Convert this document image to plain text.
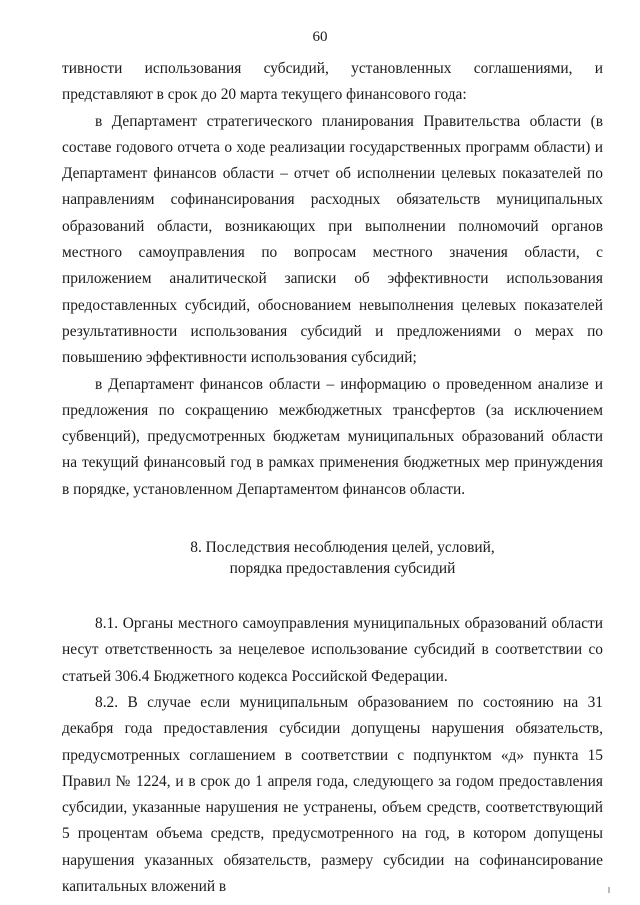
60

тивности использования субсидий, установленных соглашениями, и представляют в срок до 20 марта текущего финансового года:

в Департамент стратегического планирования Правительства области (в составе годового отчета о ходе реализации государственных программ области) и Департамент финансов области – отчет об исполнении целевых показателей по направлениям софинансирования расходных обязательств муниципальных образований области, возникающих при выполнении полномочий органов местного самоуправления по вопросам местного значения области, с приложением аналитической записки об эффективности использования предоставленных субсидий, обоснованием невыполнения целевых показателей результативности использования субсидий и предложениями о мерах по повышению эффективности использования субсидий;

в Департамент финансов области – информацию о проведенном анализе и предложения по сокращению межбюджетных трансфертов (за исключением субвенций), предусмотренных бюджетам муниципальных образований области на текущий финансовый год в рамках применения бюджетных мер принуждения в порядке, установленном Департаментом финансов области.

8. Последствия несоблюдения целей, условий,
порядка предоставления субсидий

8.1. Органы местного самоуправления муниципальных образований области несут ответственность за нецелевое использование субсидий в соответствии со статьей 306.4 Бюджетного кодекса Российской Федерации.

8.2. В случае если муниципальным образованием по состоянию на 31 декабря года предоставления субсидии допущены нарушения обязательств, предусмотренных соглашением в соответствии с подпунктом «д» пункта 15 Правил № 1224, и в срок до 1 апреля года, следующего за годом предоставления субсидии, указанные нарушения не устранены, объем средств, соответствующий 5 процентам объема средств, предусмотренного на год, в котором допущены нарушения указанных обязательств, размеру субсидии на софинансирование капитальных вложений в
